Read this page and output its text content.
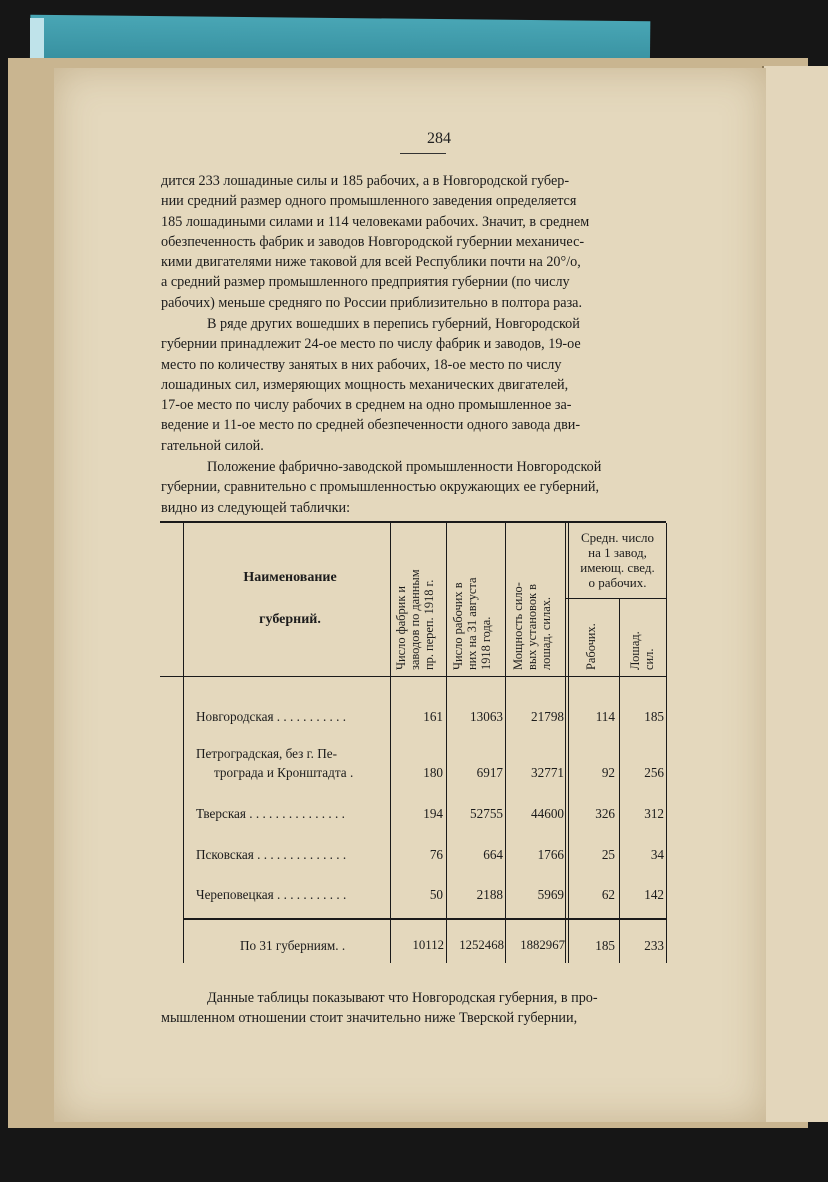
284
дится 233 лошадиные силы и 185 рабочих, а в Новгородской губер-
нии средний размер одного промышленного заведения определяется
185 лошадиными силами и 114 человеками рабочих. Значит, в среднем
обезпеченность фабрик и заводов Новгородской губернии механичес-
кими двигателями ниже таковой для всей Республики почти на 20°/о,
а средний размер промышленного предприятия губернии (по числу
рабочих) меньше средняго по России приблизительно в полтора раза.
В ряде других вошедших в перепись губерний, Новгородской
губернии принадлежит 24-ое место по числу фабрик и заводов, 19-ое
место по количеству занятых в них рабочих, 18-ое место по числу
лошадиных сил, измеряющих мощность механических двигателей,
17-ое место по числу рабочих в среднем на одно промышленное за-
ведение и 11-ое место по средней обезпеченности одного завода дви-
гательной силой.
Положение фабрично-заводской промышленности Новгородской
губернии, сравнительно с промышленностью окружающих ее губерний,
видно из следующей таблички:
Наименование
губерний.	Число фабрик и
заводов по данным
пр. переп. 1918 г.	Число рабочих в
них на 31 августа
1918 года.	Мощность сило-
вых установок в
лошад. силах.
Средн. число
на 1 завод,
имеющ. свед.
о рабочих.
Рабочих.	Лошад.
сил.
Новгородская . . . . . . . . . . .	161	13063	21798	114	185
Петроградская, без г. Пе-
трограда и Кронштадта .	180	6917	32771	92	256
Тверская . . . . . . . . . . . . . . .	194	52755	44600	326	312
Псковская . . . . . . . . . . . . . .	76	664	1766	25	34
Череповецкая . . . . . . . . . . .	50	2188	5969	62	142
По 31 губерниям. .	10112	1252468	1882967	185	233
Данные таблицы показывают что Новгородская губерния, в про-
мышленном отношении стоит значительно ниже Тверской губернии,
